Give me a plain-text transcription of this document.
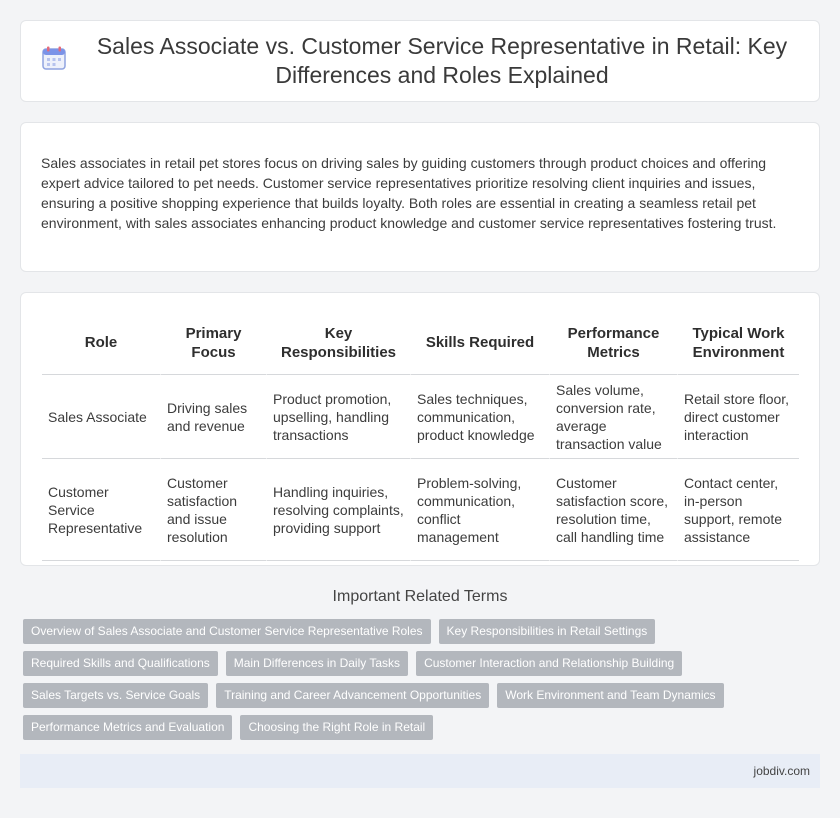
Sales Associate vs. Customer Service Representative in Retail: Key Differences and Roles Explained

Sales associates in retail pet stores focus on driving sales by guiding customers through product choices and offering expert advice tailored to pet needs. Customer service representatives prioritize resolving client inquiries and issues, ensuring a positive shopping experience that builds loyalty. Both roles are essential in creating a seamless retail pet environment, with sales associates enhancing product knowledge and customer service representatives fostering trust.

Role	Primary Focus	Key Responsibilities	Skills Required	Performance Metrics	Typical Work Environment
Sales Associate	Driving sales and revenue	Product promotion, upselling, handling transactions	Sales techniques, communication, product knowledge	Sales volume, conversion rate, average transaction value	Retail store floor, direct customer interaction
Customer Service Representative	Customer satisfaction and issue resolution	Handling inquiries, resolving complaints, providing support	Problem-solving, communication, conflict management	Customer satisfaction score, resolution time, call handling time	Contact center, in-person support, remote assistance
Important Related Terms
Overview of Sales Associate and Customer Service Representative Roles	Key Responsibilities in Retail Settings
Required Skills and Qualifications	Main Differences in Daily Tasks	Customer Interaction and Relationship Building
Sales Targets vs. Service Goals	Training and Career Advancement Opportunities	Work Environment and Team Dynamics
Performance Metrics and Evaluation	Choosing the Right Role in Retail
jobdiv.com
